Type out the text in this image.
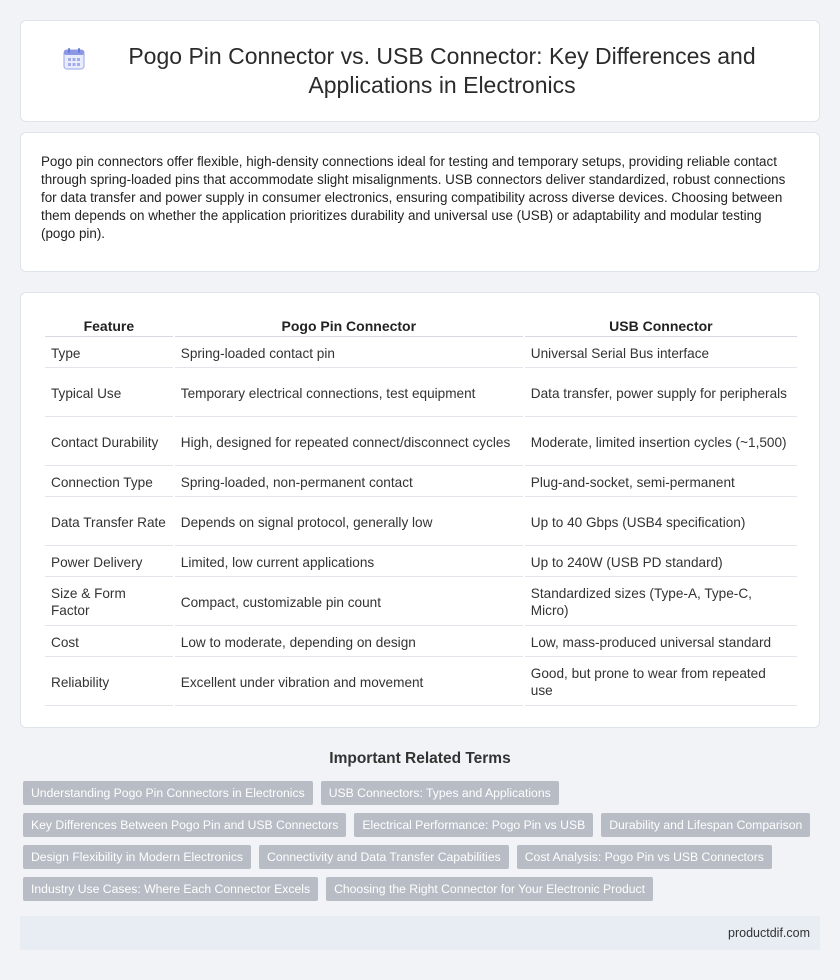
Pogo Pin Connector vs. USB Connector: Key Differences and Applications in Electronics

Pogo pin connectors offer flexible, high-density connections ideal for testing and temporary setups, providing reliable contact through spring-loaded pins that accommodate slight misalignments. USB connectors deliver standardized, robust connections for data transfer and power supply in consumer electronics, ensuring compatibility across diverse devices. Choosing between them depends on whether the application prioritizes durability and universal use (USB) or adaptability and modular testing (pogo pin).

Feature	Pogo Pin Connector	USB Connector
Type	Spring-loaded contact pin	Universal Serial Bus interface
Typical Use	Temporary electrical connections, test equipment	Data transfer, power supply for peripherals
Contact Durability	High, designed for repeated connect/disconnect cycles	Moderate, limited insertion cycles (~1,500)
Connection Type	Spring-loaded, non-permanent contact	Plug-and-socket, semi-permanent
Data Transfer Rate	Depends on signal protocol, generally low	Up to 40 Gbps (USB4 specification)
Power Delivery	Limited, low current applications	Up to 240W (USB PD standard)
Size & Form Factor	Compact, customizable pin count	Standardized sizes (Type-A, Type-C, Micro)
Cost	Low to moderate, depending on design	Low, mass-produced universal standard
Reliability	Excellent under vibration and movement	Good, but prone to wear from repeated use
Important Related Terms
Understanding Pogo Pin Connectors in Electronics	USB Connectors: Types and Applications
Key Differences Between Pogo Pin and USB Connectors	Electrical Performance: Pogo Pin vs USB	Durability and Lifespan Comparison
Design Flexibility in Modern Electronics	Connectivity and Data Transfer Capabilities	Cost Analysis: Pogo Pin vs USB Connectors
Industry Use Cases: Where Each Connector Excels	Choosing the Right Connector for Your Electronic Product
productdif.com
